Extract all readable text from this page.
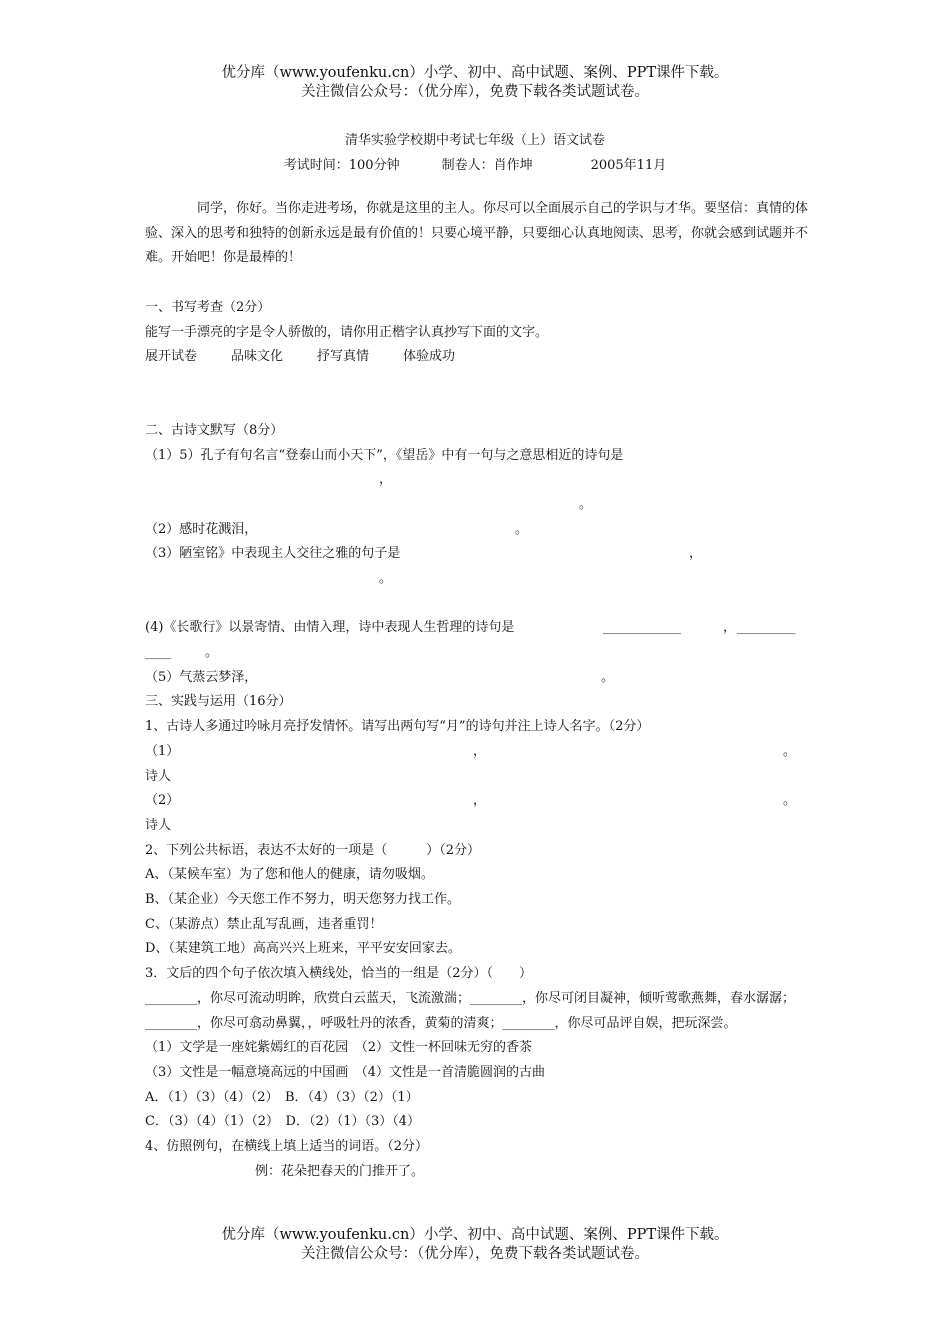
优分库（www.youfenku.cn）小学、初中、高中试题、案例、PPT课件下载。
关注微信公众号：（优分库），免费下载各类试题试卷。
清华实验学校期中考试七年级（上）语文试卷
考试时间：100分钟	制卷人：肖作坤	2005年11月

同学，你好。当你走进考场，你就是这里的主人。你尽可以全面展示自己的学识与才华。要坚信：真情的体验、深入的思考和独特的创新永远是最有价值的！只要心境平静，只要细心认真地阅读、思考，你就会感到试题并不难。开始吧！你是最棒的！

一、书写考查（2分）

能写一手漂亮的字是令人骄傲的，请你用正楷字认真抄写下面的文字。

展开试卷	品味文化	抒写真情	体验成功

二、古诗文默写（8分）

（1）5）孔子有句名言“登泰山而小天下”，《望岳》中有一句与之意思相近的诗句是

，
。
（2）感时花溅泪，	。
（3）陋室铭》中表现主人交往之雅的句子是	，
。
(4)《长歌行》以景寄情、由情入理，诗中表现人生哲理的诗句是	____________	， _________
____	。
（5）气蒸云梦泽，	。

三、实践与运用（16分）

1、古诗人多通过吟咏月亮抒发情怀。请写出两句写“月”的诗句并注上诗人名字。（2分）

（1）	，	。

诗人

（2）	，	。

诗人

2、下列公共标语，表达不太好的一项是（　　　）（2分）

A、（某候车室）为了您和他人的健康，请勿吸烟。

B、（某企业）今天您工作不努力，明天您努力找工作。

C、（某游点）禁止乱写乱画，违者重罚！

D、（某建筑工地）高高兴兴上班来，平平安安回家去。

3．文后的四个句子依次填入横线处，恰当的一组是（2分）（　　）

________，你尽可流动明眸，欣赏白云蓝天，飞流激湍；________，你尽可闭目凝神，倾听莺歌燕舞，春水潺潺；________，你尽可翕动鼻翼，，呼吸牡丹的浓香，黄菊的清爽；________，你尽可品评自娱，把玩深尝。

（1）文学是一座姹紫嫣红的百花园　（2）文性一杯回味无穷的香茶

（3）文性是一幅意境高远的中国画　（4）文性是一首清脆圆润的古曲

A．（1）（3）（4）（2）　B．（4）（3）（2）（1）

C．（3）（4）（1）（2）　D．（2）（1）（3）（4）

4、仿照例句，在横线上填上适当的词语。（2分）

例：花朵把春天的门推开了。

优分库（www.youfenku.cn）小学、初中、高中试题、案例、PPT课件下载。
关注微信公众号：（优分库），免费下载各类试题试卷。
